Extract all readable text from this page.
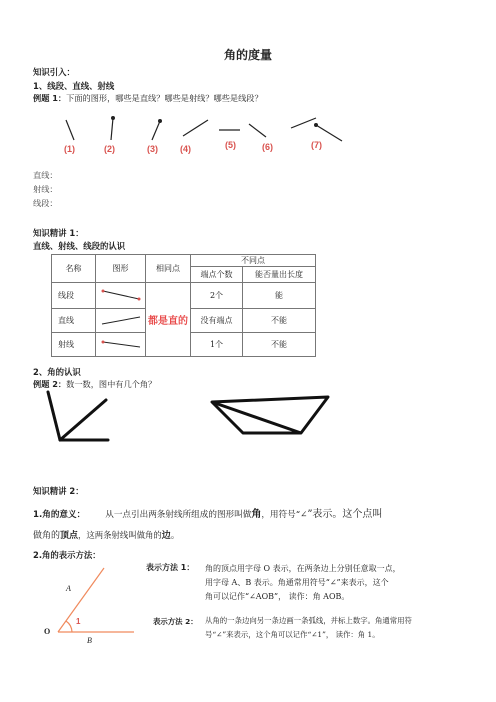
角的度量
知识引入：
1、线段、直线、射线
例题 1：下面的图形，哪些是直线？哪些是射线？哪些是线段？
(1)	(2)	(3) (4)	(5)	(6)	(7)
直线：
射线：
线段：
知识精讲 1：
直线、射线、线段的认识
名称	图形	相同点	不同点	
			端点个数	能否量出长度
线段		都是直的	2个	能
直线			没有端点	不能
射线			1个	不能
2、角的认识
例题 2：数一数，图中有几个角？
知识精讲 2：
1.角的意义： 从一点引出两条射线所组成的图形叫做角，用符号“∠”表示。这个点叫
做角的顶点，这两条射线叫做角的边。
2.角的表示方法：
表示方法 1： 角的顶点用字母 O 表示，在两条边上分别任意取一点，
用字母 A、B 表示。角通常用符号“∠”来表示，这个
角可以记作“∠AOB”， 读作：角 AOB。
表示方法 2： 从角的一条边向另一条边画一条弧线，并标上数字。角通常用符
号“∠”来表示，这个角可以记作“∠1”， 读作：角 1。
A
O
B
1
